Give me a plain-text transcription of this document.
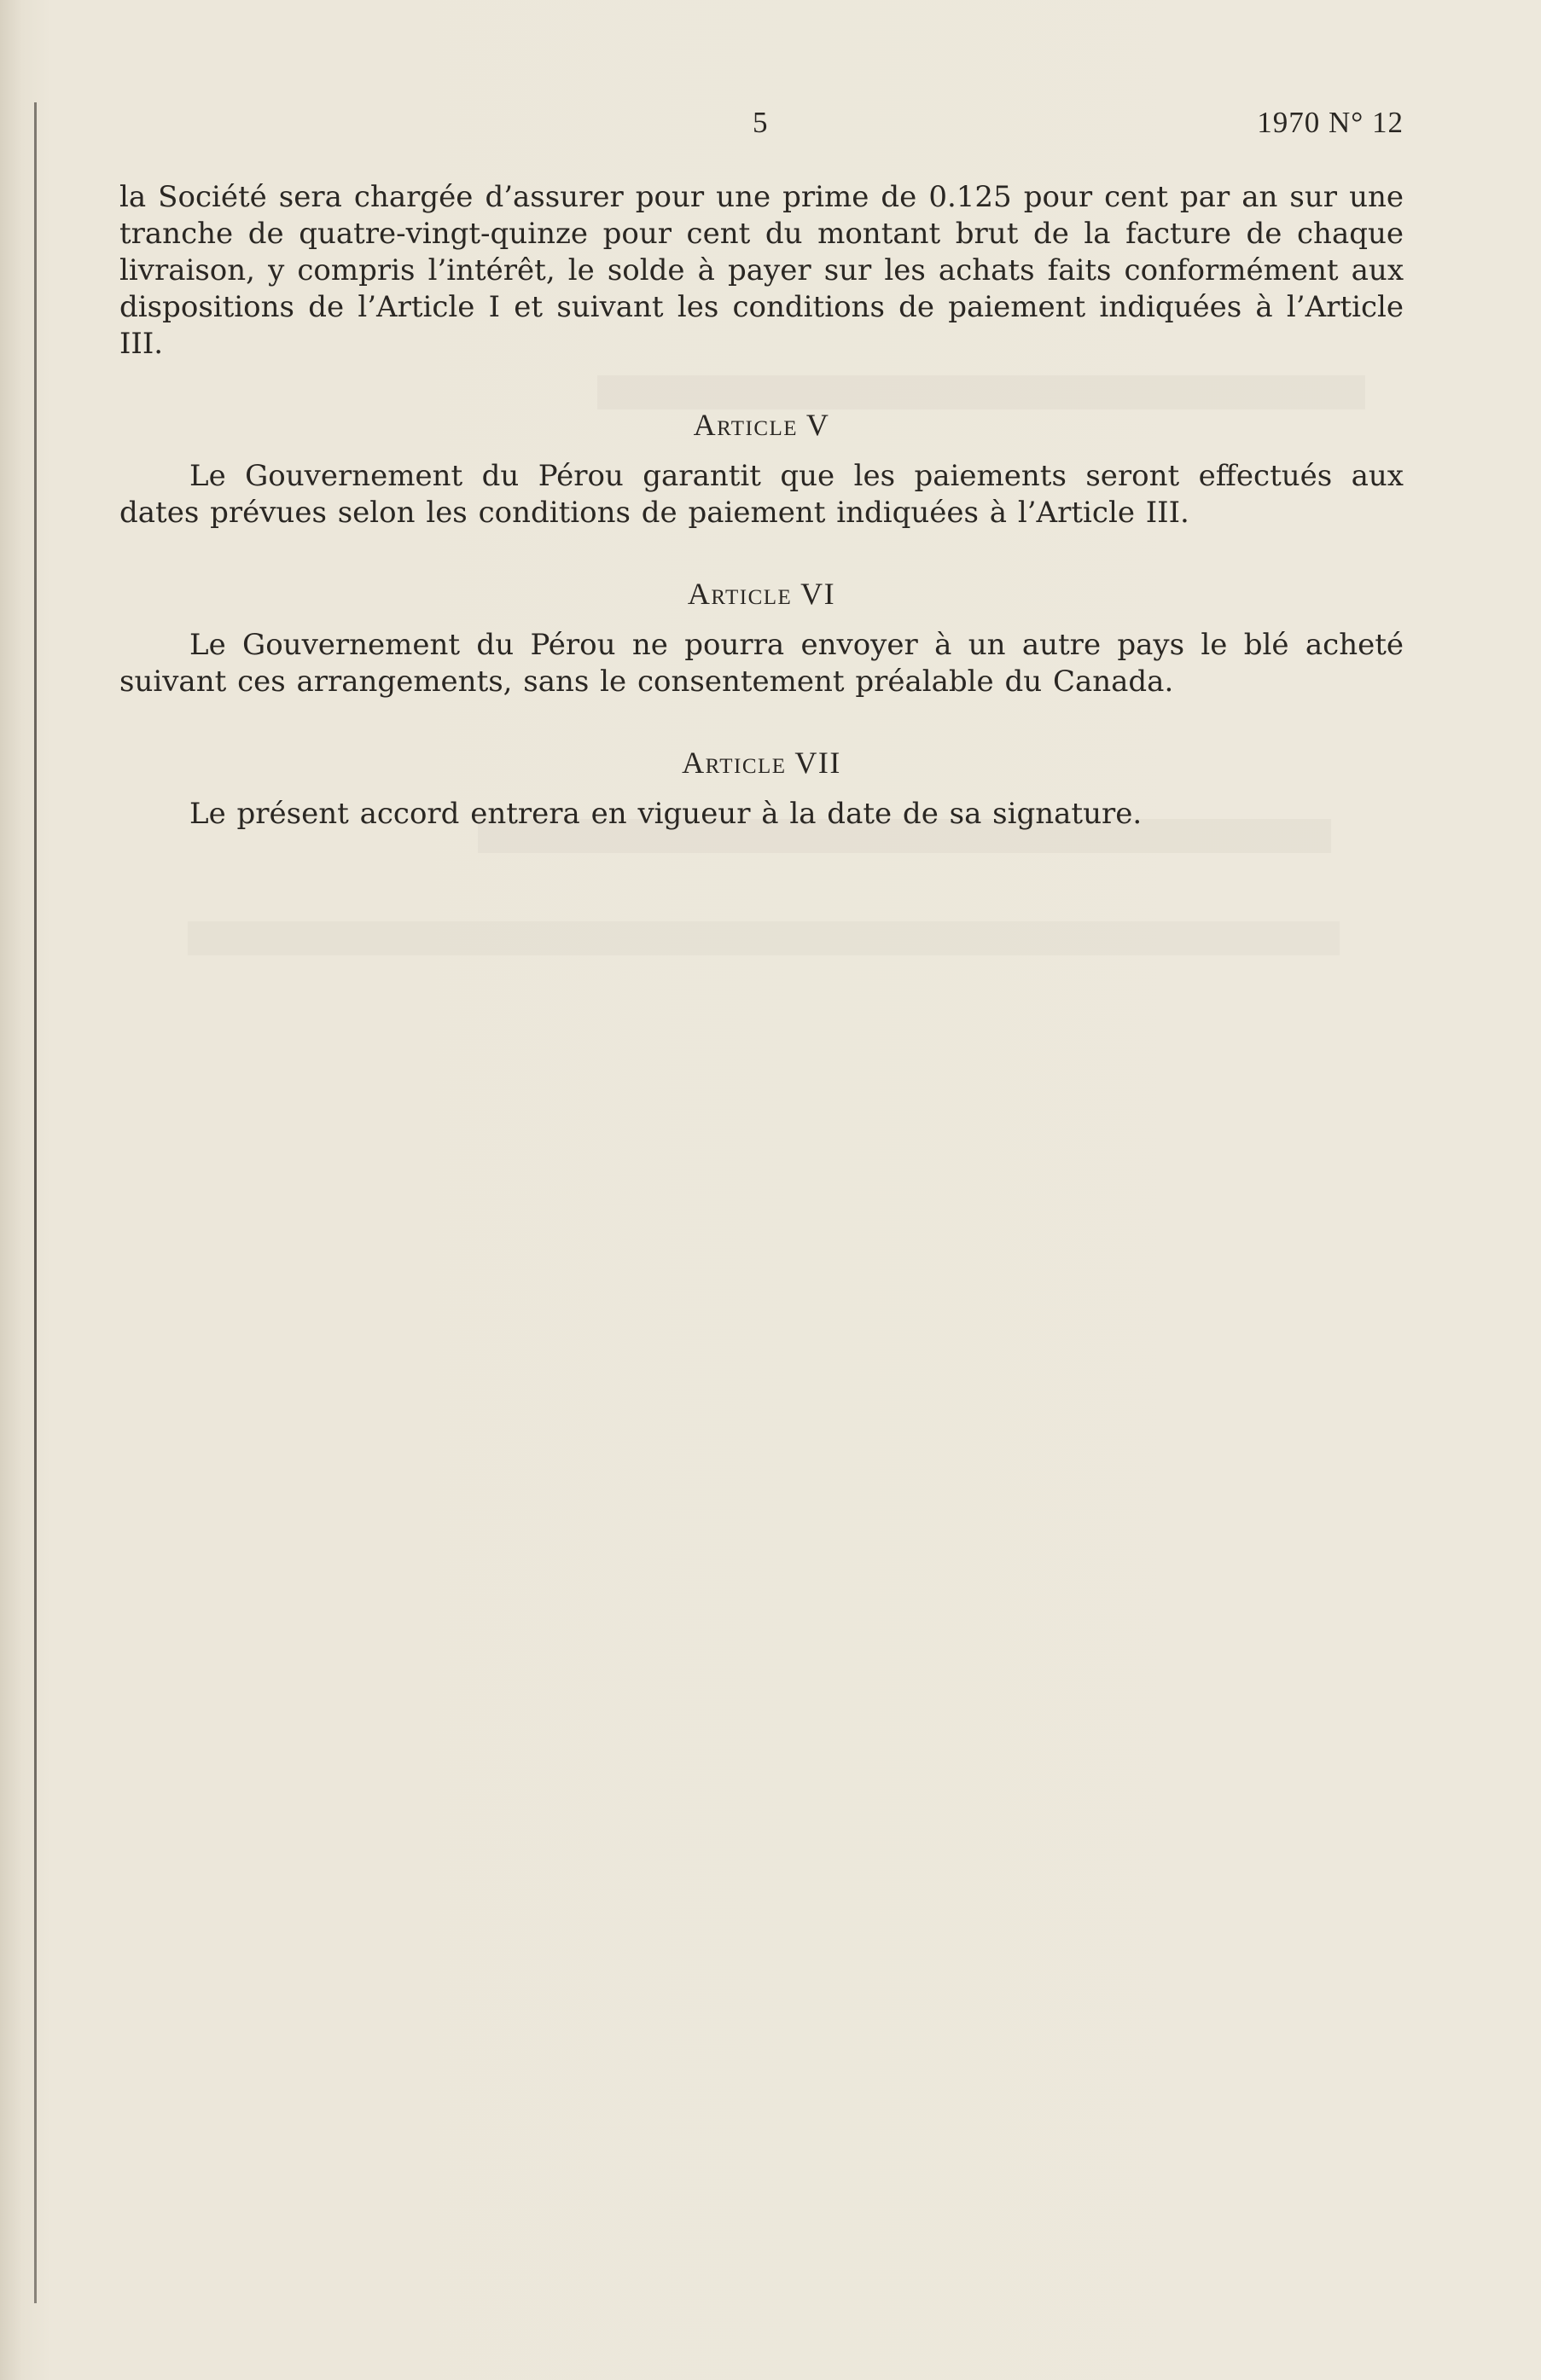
5	1970 N° 12

la Société sera chargée d’assurer pour une prime de 0.125 pour cent par an sur une tranche de quatre-vingt-quinze pour cent du montant brut de la facture de chaque livraison, y compris l’intérêt, le solde à payer sur les achats faits conformément aux dispositions de l’Article I et suivant les conditions de paiement indiquées à l’Article III.

Article V

Le Gouvernement du Pérou garantit que les paiements seront effectués aux dates prévues selon les conditions de paiement indiquées à l’Article III.

Article VI

Le Gouvernement du Pérou ne pourra envoyer à un autre pays le blé acheté suivant ces arrangements, sans le consentement préalable du Canada.

Article VII

Le présent accord entrera en vigueur à la date de sa signature.
